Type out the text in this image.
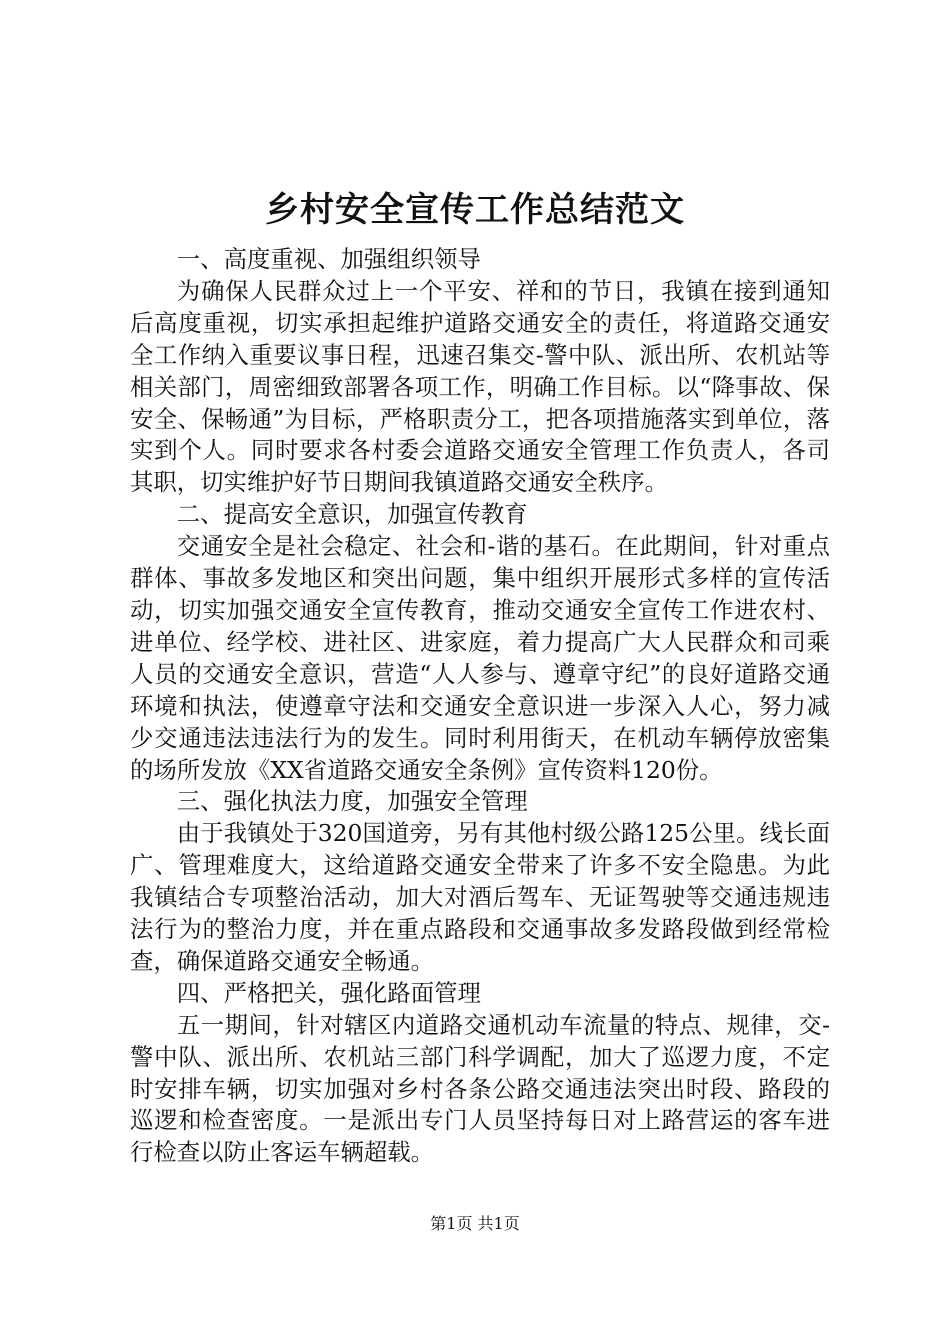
乡村安全宣传工作总结范文

一、高度重视、加强组织领导

为确保人民群众过上一个平安、祥和的节日，我镇在接到通知后高度重视，切实承担起维护道路交通安全的责任，将道路交通安全工作纳入重要议事日程，迅速召集交-警中队、派出所、农机站等相关部门，周密细致部署各项工作，明确工作目标。以“降事故、保安全、保畅通”为目标，严格职责分工，把各项措施落实到单位，落实到个人。同时要求各村委会道路交通安全管理工作负责人，各司其职，切实维护好节日期间我镇道路交通安全秩序。

二、提高安全意识，加强宣传教育

交通安全是社会稳定、社会和-谐的基石。在此期间，针对重点群体、事故多发地区和突出问题，集中组织开展形式多样的宣传活动，切实加强交通安全宣传教育，推动交通安全宣传工作进农村、进单位、经学校、进社区、进家庭，着力提高广大人民群众和司乘人员的交通安全意识，营造“人人参与、遵章守纪”的良好道路交通环境和执法，使遵章守法和交通安全意识进一步深入人心，努力减少交通违法违法行为的发生。同时利用街天，在机动车辆停放密集的场所发放《XX省道路交通安全条例》宣传资料120份。

三、强化执法力度，加强安全管理

由于我镇处于320国道旁，另有其他村级公路125公里。线长面广、管理难度大，这给道路交通安全带来了许多不安全隐患。为此我镇结合专项整治活动，加大对酒后驾车、无证驾驶等交通违规违法行为的整治力度，并在重点路段和交通事故多发路段做到经常检查，确保道路交通安全畅通。

四、严格把关，强化路面管理

五一期间，针对辖区内道路交通机动车流量的特点、规律，交-警中队、派出所、农机站三部门科学调配，加大了巡逻力度，不定时安排车辆，切实加强对乡村各条公路交通违法突出时段、路段的巡逻和检查密度。一是派出专门人员坚持每日对上路营运的客车进行检查以防止客运车辆超载。

第1页 共1页
